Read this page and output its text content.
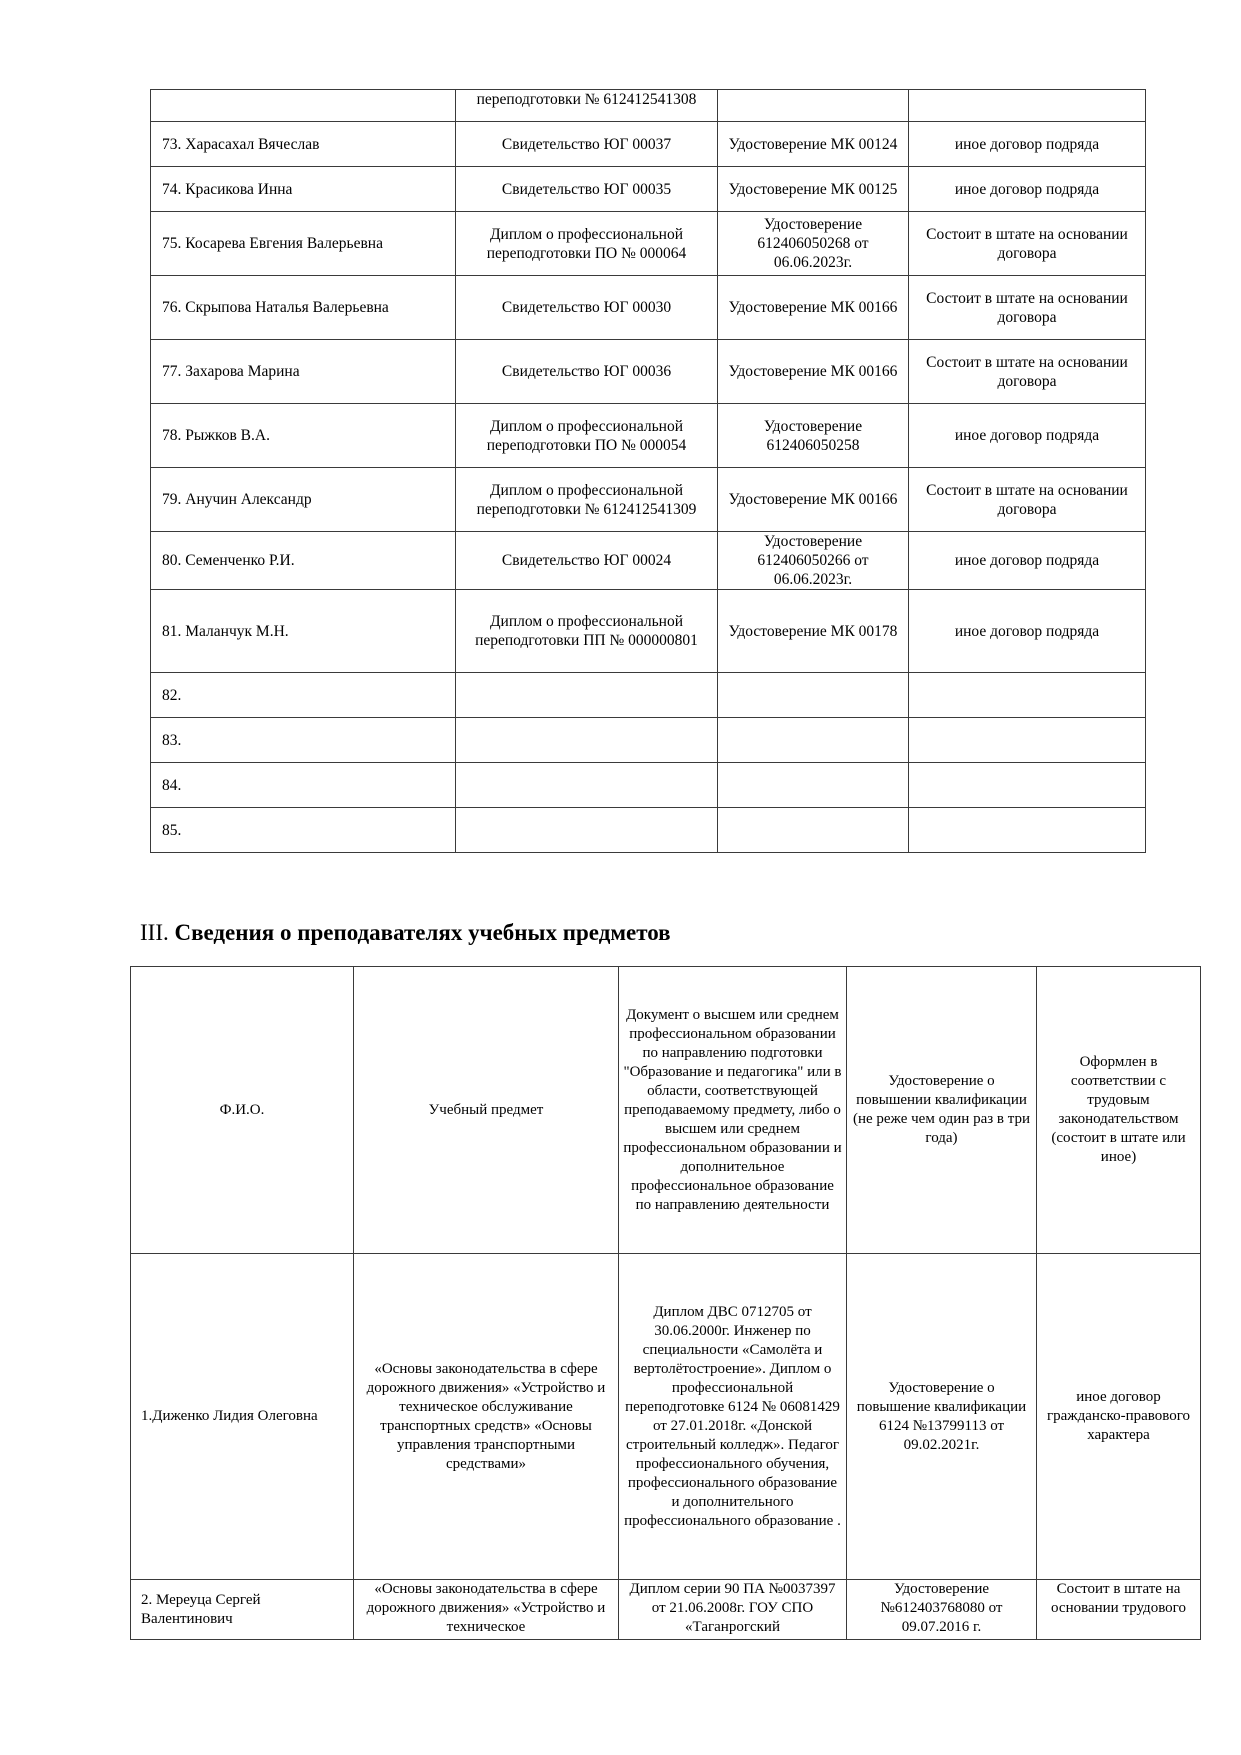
	переподготовки № 612412541308		
73. Харасахал Вячеслав	Свидетельство ЮГ 00037	Удостоверение МК 00124	иное договор подряда
74. Красикова Инна	Свидетельство ЮГ 00035	Удостоверение МК 00125	иное договор подряда
75. Косарева Евгения Валерьевна	Диплом о профессиональной переподготовки ПО № 000064	Удостоверение 612406050268 от 06.06.2023г.	Состоит в штате на основании договора
76. Скрыпова Наталья Валерьевна	Свидетельство ЮГ 00030	Удостоверение МК 00166	Состоит в штате на основании договора
77. Захарова Марина	Свидетельство ЮГ 00036	Удостоверение МК 00166	Состоит в штате на основании договора
78. Рыжков В.А.	Диплом о профессиональной переподготовки ПО № 000054	Удостоверение 612406050258	иное договор подряда
79. Анучин Александр	Диплом о профессиональной переподготовки № 612412541309	Удостоверение МК 00166	Состоит в штате на основании договора
80. Семенченко Р.И.	Свидетельство ЮГ 00024	Удостоверение 612406050266 от 06.06.2023г.	иное договор подряда
81. Маланчук М.Н.	Диплом о профессиональной переподготовки ПП № 000000801	Удостоверение МК 00178	иное договор подряда
82.			
83.			
84.			
85.			
III. Сведения о преподавателях учебных предметов
Ф.И.О.	Учебный предмет	Документ о высшем или среднем профессиональном образовании по направлению подготовки "Образование и педагогика" или в области, соответствующей преподаваемому предмету, либо о высшем или среднем профессиональном образовании и дополнительное профессиональное образование по направлению деятельности	Удостоверение о повышении квалификации (не реже чем один раз в три года)	Оформлен в соответствии с трудовым законодательством (состоит в штате или иное)
1.Диженко Лидия Олеговна	«Основы законодательства в сфере дорожного движения» «Устройство и техническое обслуживание транспортных средств» «Основы управления транспортными средствами»	Диплом ДВС 0712705 от 30.06.2000г. Инженер по специальности «Самолёта и вертолётостроение». Диплом о профессиональной переподготовке 6124 № 06081429 от 27.01.2018г. «Донской строительный колледж». Педагог профессионального обучения, профессионального образование и дополнительного профессионального образование .	Удостоверение о повышение квалификации 6124 №13799113 от 09.02.2021г.	иное договор гражданско-правового характера
2. Мереуца Сергей Валентинович	«Основы законодательства в сфере дорожного движения» «Устройство и техническое	Диплом серии 90 ПА №0037397 от 21.06.2008г. ГОУ СПО «Таганрогский	Удостоверение №612403768080 от 09.07.2016 г.	Состоит в штате на основании трудового
